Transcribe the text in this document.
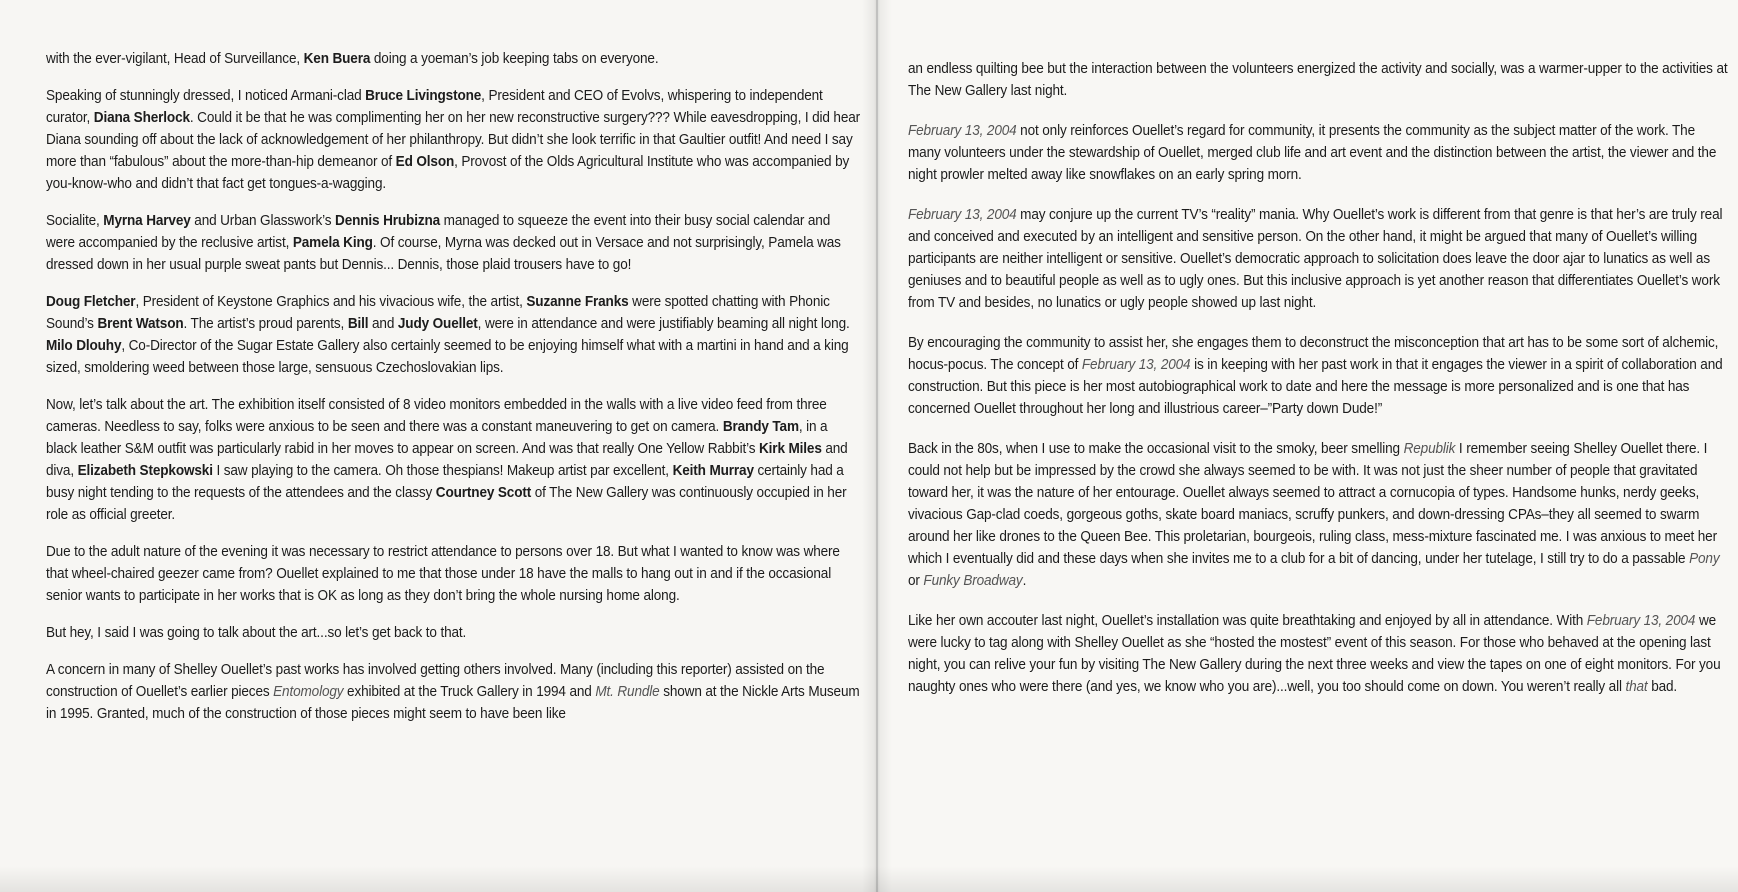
with the ever-vigilant, Head of Surveillance, Ken Buera doing a yoeman’s job keeping tabs on everyone.

Speaking of stunningly dressed, I noticed Armani-clad Bruce Livingstone, President and CEO of Evolvs, whispering to independent curator, Diana Sherlock. Could it be that he was complimenting her on her new reconstructive surgery??? While eavesdropping, I did hear Diana sounding off about the lack of acknowledgement of her philanthropy. But didn’t she look terrific in that Gaultier outfit! And need I say more than “fabulous” about the more-than-hip demeanor of Ed Olson, Provost of the Olds Agricultural Institute who was accompanied by you-know-who and didn’t that fact get tongues-a-wagging.

Socialite, Myrna Harvey and Urban Glasswork’s Dennis Hrubizna managed to squeeze the event into their busy social calendar and were accompanied by the reclusive artist, Pamela King. Of course, Myrna was decked out in Versace and not surprisingly, Pamela was dressed down in her usual purple sweat pants but Dennis... Dennis, those plaid trousers have to go!

Doug Fletcher, President of Keystone Graphics and his vivacious wife, the artist, Suzanne Franks were spotted chatting with Phonic Sound’s Brent Watson. The artist’s proud parents, Bill and Judy Ouellet, were in attendance and were justifiably beaming all night long. Milo Dlouhy, Co-Director of the Sugar Estate Gallery also certainly seemed to be enjoying himself what with a martini in hand and a king sized, smoldering weed between those large, sensuous Czechoslovakian lips.

Now, let’s talk about the art. The exhibition itself consisted of 8 video monitors embedded in the walls with a live video feed from three cameras. Needless to say, folks were anxious to be seen and there was a constant maneuvering to get on camera. Brandy Tam, in a black leather S&M outfit was particularly rabid in her moves to appear on screen. And was that really One Yellow Rabbit’s Kirk Miles and diva, Elizabeth Stepkowski I saw playing to the camera. Oh those thespians! Makeup artist par excellent, Keith Murray certainly had a busy night tending to the requests of the attendees and the classy Courtney Scott of The New Gallery was continuously occupied in her role as official greeter.

Due to the adult nature of the evening it was necessary to restrict attendance to persons over 18. But what I wanted to know was where that wheel-chaired geezer came from? Ouellet explained to me that those under 18 have the malls to hang out in and if the occasional senior wants to participate in her works that is OK as long as they don’t bring the whole nursing home along.

But hey, I said I was going to talk about the art...so let’s get back to that.

A concern in many of Shelley Ouellet’s past works has involved getting others involved. Many (including this reporter) assisted on the construction of Ouellet’s earlier pieces Entomology exhibited at the Truck Gallery in 1994 and Mt. Rundle shown at the Nickle Arts Museum in 1995. Granted, much of the construction of those pieces might seem to have been like

an endless quilting bee but the interaction between the volunteers energized the activity and socially, was a warmer-upper to the activities at The New Gallery last night.

February 13, 2004 not only reinforces Ouellet’s regard for community, it presents the community as the subject matter of the work. The many volunteers under the stewardship of Ouellet, merged club life and art event and the distinction between the artist, the viewer and the night prowler melted away like snowflakes on an early spring morn.

February 13, 2004 may conjure up the current TV’s “reality” mania. Why Ouellet’s work is different from that genre is that her’s are truly real and conceived and executed by an intelligent and sensitive person. On the other hand, it might be argued that many of Ouellet’s willing participants are neither intelligent or sensitive. Ouellet’s democratic approach to solicitation does leave the door ajar to lunatics as well as geniuses and to beautiful people as well as to ugly ones. But this inclusive approach is yet another reason that differentiates Ouellet’s work from TV and besides, no lunatics or ugly people showed up last night.

By encouraging the community to assist her, she engages them to deconstruct the misconception that art has to be some sort of alchemic, hocus-pocus. The concept of February 13, 2004 is in keeping with her past work in that it engages the viewer in a spirit of collaboration and construction. But this piece is her most autobiographical work to date and here the message is more personalized and is one that has concerned Ouellet throughout her long and illustrious career–”Party down Dude!”

Back in the 80s, when I use to make the occasional visit to the smoky, beer smelling Republik I remember seeing Shelley Ouellet there. I could not help but be impressed by the crowd she always seemed to be with. It was not just the sheer number of people that gravitated toward her, it was the nature of her entourage. Ouellet always seemed to attract a cornucopia of types. Handsome hunks, nerdy geeks, vivacious Gap-clad coeds, gorgeous goths, skate board maniacs, scruffy punkers, and down-dressing CPAs–they all seemed to swarm around her like drones to the Queen Bee. This proletarian, bourgeois, ruling class, mess-mixture fascinated me. I was anxious to meet her which I eventually did and these days when she invites me to a club for a bit of dancing, under her tutelage, I still try to do a passable Pony or Funky Broadway.

Like her own accouter last night, Ouellet’s installation was quite breathtaking and enjoyed by all in attendance. With February 13, 2004 we were lucky to tag along with Shelley Ouellet as she “hosted the mostest” event of this season. For those who behaved at the opening last night, you can relive your fun by visiting The New Gallery during the next three weeks and view the tapes on one of eight monitors. For you naughty ones who were there (and yes, we know who you are)...well, you too should come on down. You weren’t really all that bad.
